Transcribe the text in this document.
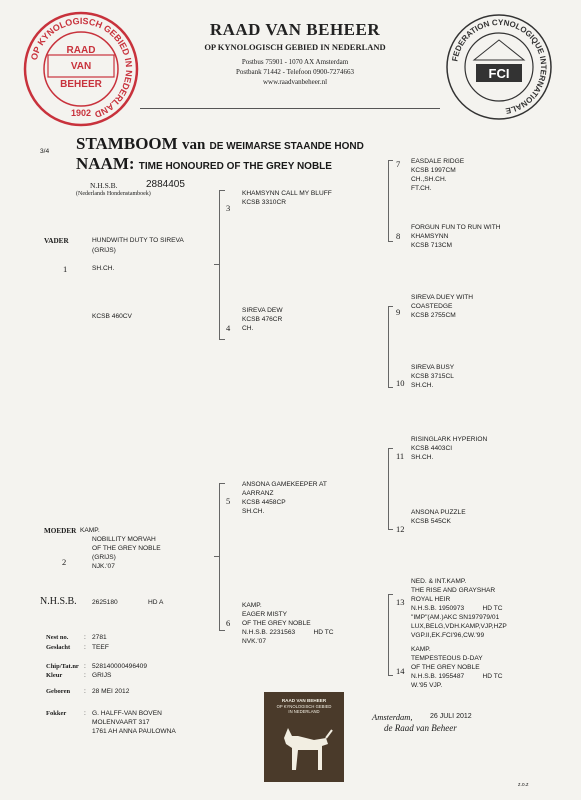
OP KYNOLOGISCH GEBIED IN NEDERLAND
RAAD
VAN
BEHEER
1902
RAAD VAN BEHEER
OP KYNOLOGISCH GEBIED IN NEDERLAND
Postbus 75901 - 1070 AX Amsterdam
Postbank 71442 - Telefoon 0900-7274663
www.raadvanbeheer.nl
FEDERATION CYNOLOGIQUE INTERNATIONALE
FCI
3/4 STAMBOOM van DE WEIMARSE STAANDE HOND
NAAM: TIME HONOURED OF THE GREY NOBLE
N.H.S.B.
(Nederlands Hondenstamboek)
2884405
VADER	HUNDWITH DUTY TO SIREVA
(GRIJS)
1	SH.CH.
KCSB 460CV
MOEDER KAMP.
NOBILLITY MORVAH
OF THE GREY NOBLE
(GRIJS)
2	NJK.'07
3
KHAMSYNN CALL MY BLUFF
KCSB 3310CR
4
SIREVA DEW
KCSB 476CR
CH.
5
ANSONA GAMEKEEPER AT
AARRANZ
KCSB 4458CP
SH.CH.
6
KAMP.
EAGER MISTY
OF THE GREY NOBLE
N.H.S.B. 2231563          HD TC
NVK.'07
7 EASDALE RIDGE
KCSB 1997CM
CH.,SH.CH.
FT.CH.
8
FORGUN FUN TO RUN WITH
KHAMSYNN
KCSB 713CM
9
SIREVA DUEY WITH
COASTEDGE
KCSB 2755CM
10
SIREVA BUSY
KCSB 3715CL
SH.CH.
11
RISINGLARK HYPERION
KCSB 4403CI
SH.CH.
12
ANSONA PUZZLE
KCSB 545CK
13
NED. & INT.KAMP.
THE RISE AND GRAYSHAR
ROYAL HEIR
N.H.S.B. 1950973          HD TC
"IMP"(AM.)AKC SN197979/01
LUX,BELG,VDH.KAMP,VJP,HZP
VGP.II,EK.FCI'96,CW.'99
14
KAMP.
TEMPESTEOUS D-DAY
OF THE GREY NOBLE
N.H.S.B. 1955487          HD TC
W.'95 VJP.
N.H.S.B. 2625180	HD A
Nest no. : 2781
Geslacht : TEEF
Chip/Tat.nr : 528140000496409
Kleur	: GRIJS
Geboren : 28 MEI 2012
Fokker	: G. HALFF-VAN BOVEN
MOLENVAART 317
1761 AH ANNA PAULOWNA
RAAD VAN BEHEER
OP KYNOLOGISCH GEBIED
IN NEDERLAND
Amsterdam, 26 JULI 2012
de Raad van Beheer
z.o.z
